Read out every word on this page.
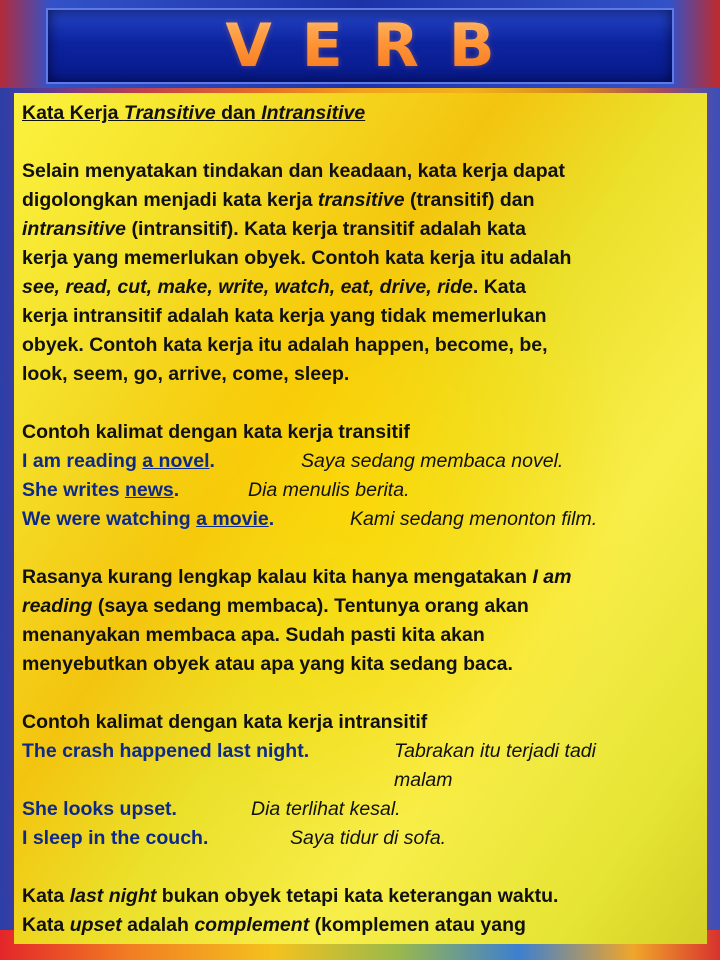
VERB
Kata Kerja Transitive dan Intransitive
Selain menyatakan tindakan dan keadaan, kata kerja dapat
digolongkan menjadi kata kerja transitive (transitif) dan
intransitive (intransitif). Kata kerja transitif adalah kata
kerja yang memerlukan obyek. Contoh kata kerja itu adalah
see, read, cut, make, write, watch, eat, drive, ride. Kata
kerja intransitif adalah kata kerja yang tidak memerlukan
obyek. Contoh kata kerja itu adalah happen, become, be,
look, seem, go, arrive, come, sleep.
Contoh kalimat dengan kata kerja transitif
I am reading a novel.	Saya sedang membaca novel.
She writes news.	Dia menulis berita.
We were watching a movie.	Kami sedang menonton film.
Rasanya kurang lengkap kalau kita hanya mengatakan I am
reading (saya sedang membaca). Tentunya orang akan
menanyakan membaca apa. Sudah pasti kita akan
menyebutkan obyek atau apa yang kita sedang baca.
Contoh kalimat dengan kata kerja intransitif
The crash happened last night.	Tabrakan itu terjadi tadi
malam
She looks upset.	Dia terlihat kesal.
I sleep in the couch.	Saya tidur di sofa.
Kata last night bukan obyek tetapi kata keterangan waktu.
Kata upset adalah complement (komplemen atau yang
